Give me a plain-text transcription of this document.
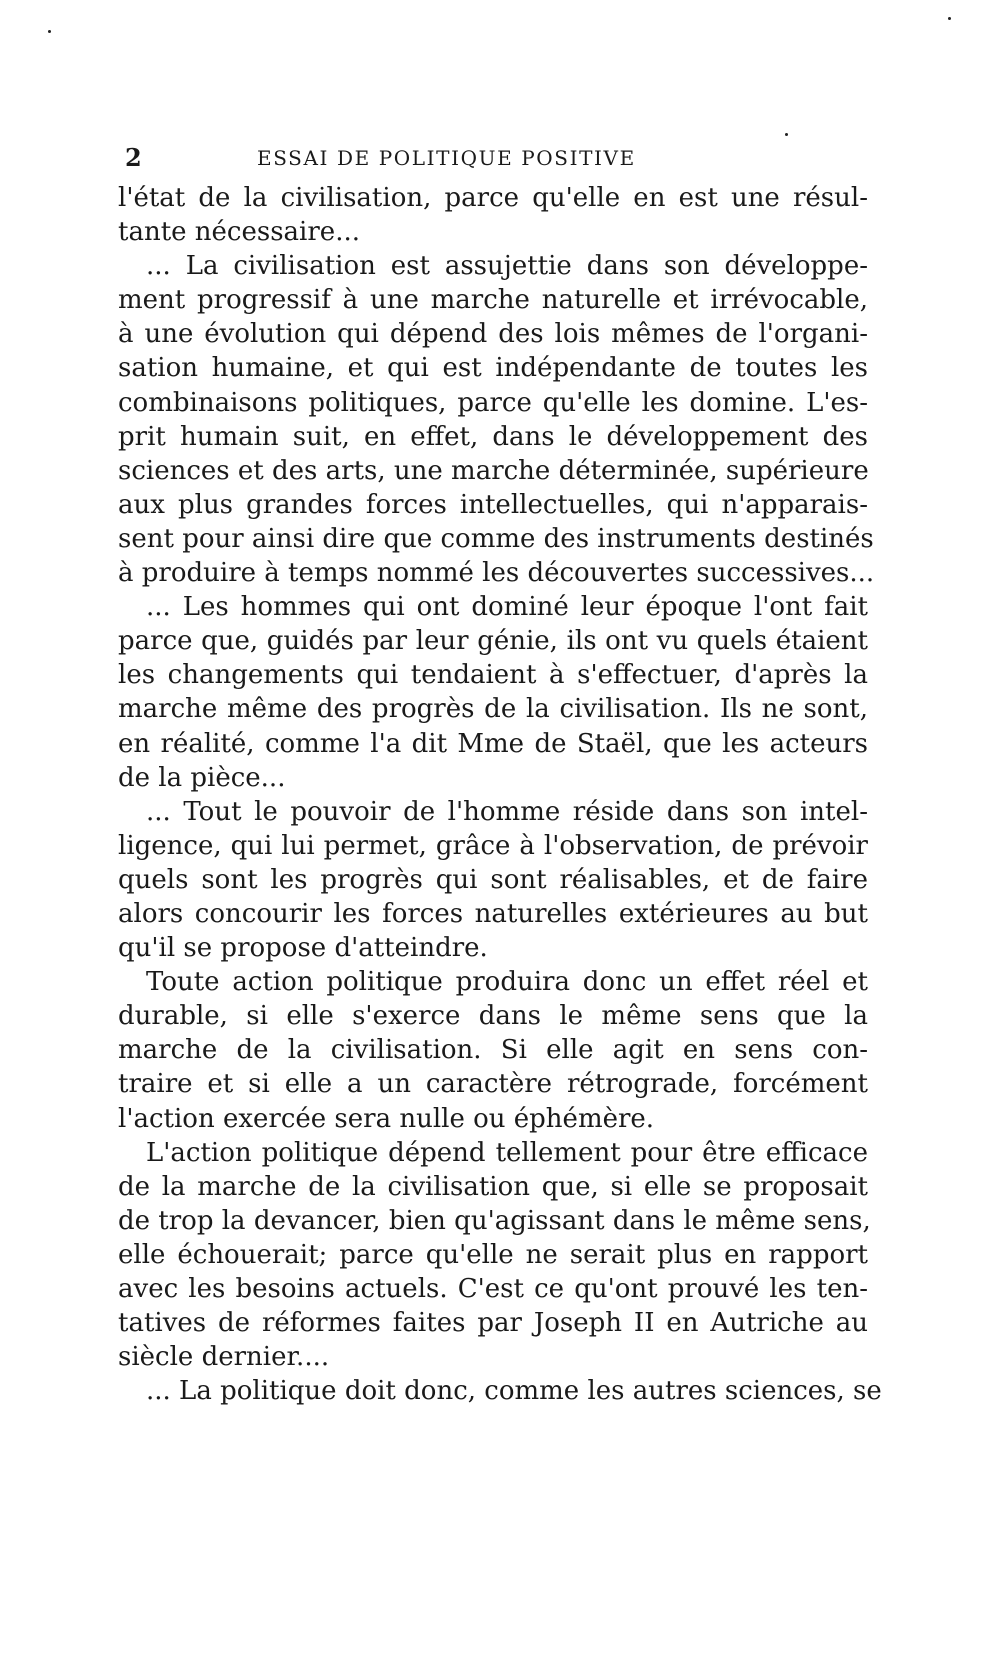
2	ESSAI DE POLITIQUE POSITIVE
l'état de la civilisation, parce qu'elle en est une résul-
tante nécessaire...
... La civilisation est assujettie dans son développe-
ment progressif à une marche naturelle et irrévocable,
à une évolution qui dépend des lois mêmes de l'organi-
sation humaine, et qui est indépendante de toutes les
combinaisons politiques, parce qu'elle les domine. L'es-
prit humain suit, en effet, dans le développement des
sciences et des arts, une marche déterminée, supérieure
aux plus grandes forces intellectuelles, qui n'apparais-
sent pour ainsi dire que comme des instruments destinés
à produire à temps nommé les découvertes successives...
... Les hommes qui ont dominé leur époque l'ont fait
parce que, guidés par leur génie, ils ont vu quels étaient
les changements qui tendaient à s'effectuer, d'après la
marche même des progrès de la civilisation. Ils ne sont,
en réalité, comme l'a dit Mme de Staël, que les acteurs
de la pièce...
... Tout le pouvoir de l'homme réside dans son intel-
ligence, qui lui permet, grâce à l'observation, de prévoir
quels sont les progrès qui sont réalisables, et de faire
alors concourir les forces naturelles extérieures au but
qu'il se propose d'atteindre.
Toute action politique produira donc un effet réel et
durable, si elle s'exerce dans le même sens que la
marche de la civilisation. Si elle agit en sens con-
traire et si elle a un caractère rétrograde, forcément
l'action exercée sera nulle ou éphémère.
L'action politique dépend tellement pour être efficace
de la marche de la civilisation que, si elle se proposait
de trop la devancer, bien qu'agissant dans le même sens,
elle échouerait; parce qu'elle ne serait plus en rapport
avec les besoins actuels. C'est ce qu'ont prouvé les ten-
tatives de réformes faites par Joseph II en Autriche au
siècle dernier....
... La politique doit donc, comme les autres sciences, se
